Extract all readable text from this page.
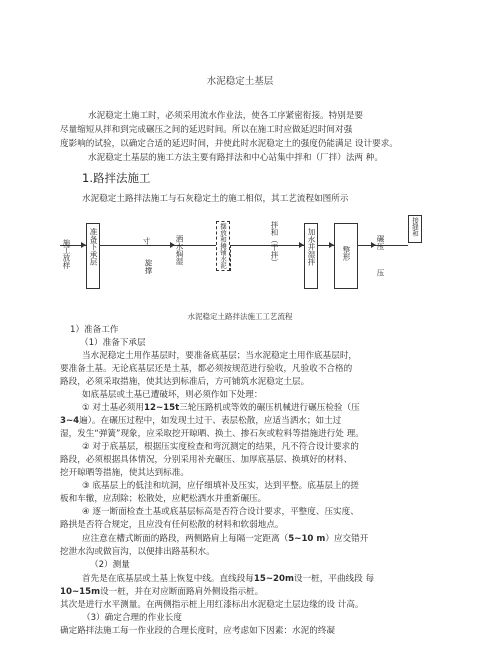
水泥稳定土基层
水泥稳定土施工时，必须采用流水作业法，使各工序紧密衔接。特别是要
尽量缩短从拌和到完成碾压之间的延迟时间。所以在施工时应做延迟时间对强
度影响的试验，以确定合适的延迟时间，并使此时水泥稳定土的强度仍能满足 设计要求。
水泥稳定土基层的施工方法主要有路拌法和中心站集中拌和（厂拌）法两 种。
1.路拌法施工
水泥稳定土路拌法施工与石灰稳定土的施工相似，其工艺流程如图所示
施工放样 准备下承层	寸
旋撑
洒水焖湿	摆放和摊铺水泥	拌和（干拌）	加水并湿拌	整形
碾压
压
接缝和
水泥稳定土路拌法施工工艺流程
1）准备工作
（1）准备下承层
当水泥稳定土用作基层时，要准备底基层；当水泥稳定土用作底基层时，
要准备土基。无论底基层还是土基，都必须按规范进行验收，凡验收不合格的
路段，必须采取措施，使其达到标准后，方可铺筑水泥稳定土层。
如底基层或土基已遭破坏，则必须作如下处理：
① 对土基必须用12~15t三轮压路机或等效的碾压机械进行碾压检验（压
3~4遍）。在碾压过程中，如发现土过干、表层松散，应适当洒水；如土过
湿，发生“弹簧”现象，应采取挖开晾晒、换土、掺石灰或粒料等措施进行处 理。
② 对于底基层，根据压实度检查和弯沉测定的结果，凡不符合设计要求的
路段，必须根据具体情况，分别采用补充碾压、加厚底基层、换填好的材料、
挖开晾晒等措施，使其达到标准。
③ 底基层上的低洼和坑洞，应仔细填补及压实，达到平整。底基层上的搓
板和车辙，应刮除；松散处，应耙松洒水并重新碾压。
④ 逐一断面检查土基或底基层标高是否符合设计要求，平整度、压实度、
路拱是否符合规定，且应没有任何松散的材料和软弱地点。
应注意在槽式断面的路段，两侧路肩上每隔一定距离（5~10 m）应交错开
挖泄水沟或做盲沟，以便排出路基积水。
（2）测量
首先是在底基层或土基上恢复中线。直线段每15~20m设一桩，平曲线段 每
10~15m设一桩，并在对应断面路肩外侧设指示桩。
其次是进行水平测量。在两侧指示桩上用红漆标出水泥稳定土层边缘的设 计高。
（3）确定合理的作业长度
确定路拌法施工每一作业段的合理长度时，应考虑如下因素：水泥的终凝
